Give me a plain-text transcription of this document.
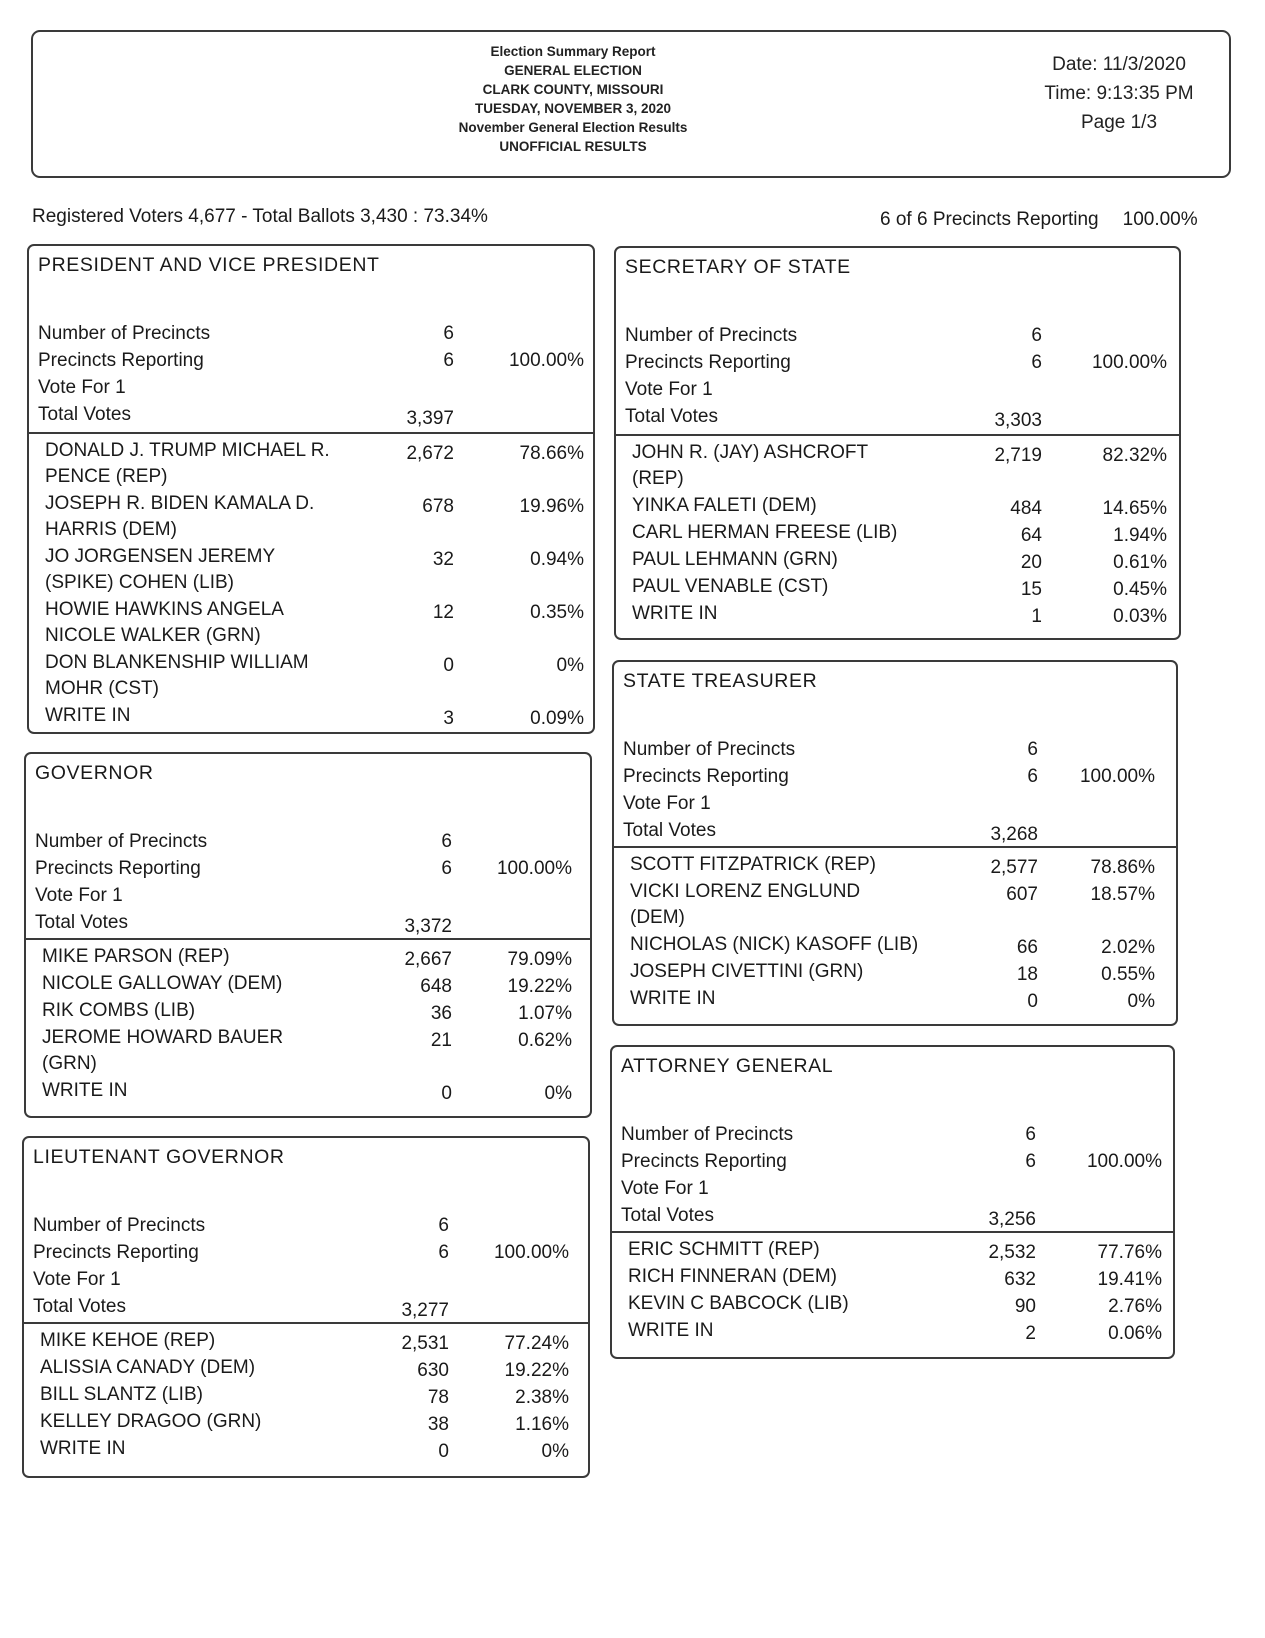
Election Summary Report
GENERAL ELECTION
CLARK COUNTY, MISSOURI
TUESDAY, NOVEMBER 3, 2020
November General Election Results
UNOFFICIAL RESULTS
Date: 11/3/2020
Time: 9:13:35 PM
Page 1/3
Registered Voters 4,677 - Total Ballots 3,430 : 73.34%	6 of 6 Precincts Reporting 100.00%
PRESIDENT AND VICE PRESIDENT
Number of Precincts	6
Precincts Reporting	6	100.00%
Vote For 1
Total Votes	3,397
DONALD J. TRUMP MICHAEL R.
PENCE (REP)
2,672	78.66%
JOSEPH R. BIDEN KAMALA D.
HARRIS (DEM)
678	19.96%
JO JORGENSEN JEREMY
(SPIKE) COHEN (LIB)
32	0.94%
HOWIE HAWKINS ANGELA
NICOLE WALKER (GRN)
12	0.35%
DON BLANKENSHIP WILLIAM
MOHR (CST)
0	0%
WRITE IN	3	0.09%
GOVERNOR
Number of Precincts	6
Precincts Reporting	6	100.00%
Vote For 1
Total Votes	3,372
MIKE PARSON (REP)	2,667	79.09%
NICOLE GALLOWAY (DEM)	648	19.22%
RIK COMBS (LIB)	36	1.07%
JEROME HOWARD BAUER
(GRN)
21	0.62%
WRITE IN	0	0%
LIEUTENANT GOVERNOR
Number of Precincts	6
Precincts Reporting	6	100.00%
Vote For 1
Total Votes	3,277
MIKE KEHOE (REP)	2,531	77.24%
ALISSIA CANADY (DEM)	630	19.22%
BILL SLANTZ (LIB)	78	2.38%
KELLEY DRAGOO (GRN)	38	1.16%
WRITE IN	0	0%
SECRETARY OF STATE
Number of Precincts	6
Precincts Reporting	6	100.00%
Vote For 1
Total Votes	3,303
JOHN R. (JAY) ASHCROFT
(REP)
2,719	82.32%
YINKA FALETI (DEM)	484	14.65%
CARL HERMAN FREESE (LIB)	64	1.94%
PAUL LEHMANN (GRN)	20	0.61%
PAUL VENABLE (CST)	15	0.45%
WRITE IN	1	0.03%
STATE TREASURER
Number of Precincts	6
Precincts Reporting	6	100.00%
Vote For 1
Total Votes	3,268
SCOTT FITZPATRICK (REP)	2,577	78.86%
VICKI LORENZ ENGLUND
(DEM)
607	18.57%
NICHOLAS (NICK) KASOFF (LIB)	66	2.02%
JOSEPH CIVETTINI (GRN)	18	0.55%
WRITE IN	0	0%
ATTORNEY GENERAL
Number of Precincts	6
Precincts Reporting	6	100.00%
Vote For 1
Total Votes	3,256
ERIC SCHMITT (REP)	2,532	77.76%
RICH FINNERAN (DEM)	632	19.41%
KEVIN C BABCOCK (LIB)	90	2.76%
WRITE IN	2	0.06%
